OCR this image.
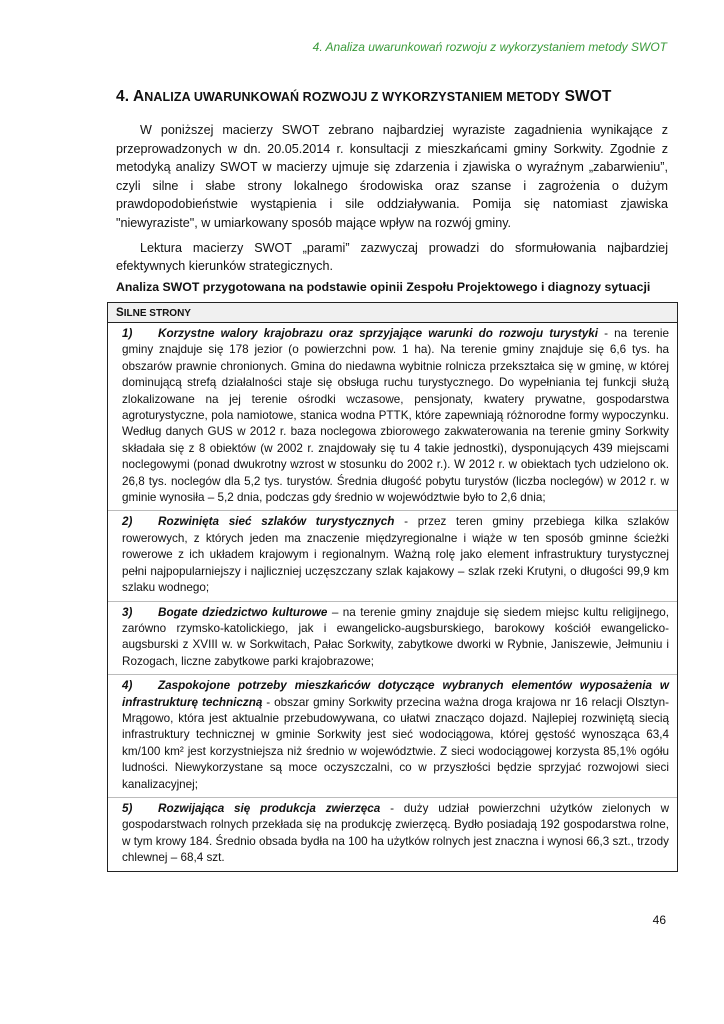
4. Analiza uwarunkowań rozwoju z wykorzystaniem metody SWOT
4. ANALIZA UWARUNKOWAŃ ROZWOJU Z WYKORZYSTANIEM METODY SWOT

W poniższej macierzy SWOT zebrano najbardziej wyraziste zagadnienia wynikające z przeprowadzonych w dn. 20.05.2014 r. konsultacji z mieszkańcami gminy Sorkwity. Zgodnie z metodyką analizy SWOT w macierzy ujmuje się zdarzenia i zjawiska o wyraźnym „zabarwieniu”, czyli silne i słabe strony lokalnego środowiska oraz szanse i zagrożenia o dużym prawdopodobieństwie wystąpienia i sile oddziaływania. Pomija się natomiast zjawiska "niewyraziste", w umiarkowany sposób mające wpływ na rozwój gminy.

Lektura macierzy SWOT „parami” zazwyczaj prowadzi do sformułowania najbardziej efektywnych kierunków strategicznych.

Analiza SWOT przygotowana na podstawie opinii Zespołu Projektowego i diagnozy sytuacji
SILNE STRONY
1) Korzystne walory krajobrazu oraz sprzyjające warunki do rozwoju turystyki - na terenie gminy znajduje się 178 jezior (o powierzchni pow. 1 ha). Na terenie gminy znajduje się 6,6 tys. ha obszarów prawnie chronionych. Gmina do niedawna wybitnie rolnicza przekształca się w gminę, w której dominującą strefą działalności staje się obsługa ruchu turystycznego. Do wypełniania tej funkcji służą zlokalizowane na jej terenie ośrodki wczasowe, pensjonaty, kwatery prywatne, gospodarstwa agroturystyczne, pola namiotowe, stanica wodna PTTK, które zapewniają różnorodne formy wypoczynku. Według danych GUS w 2012 r. baza noclegowa zbiorowego zakwaterowania na terenie gminy Sorkwity składała się z 8 obiektów (w 2002 r. znajdowały się tu 4 takie jednostki), dysponujących 439 miejscami noclegowymi (ponad dwukrotny wzrost w stosunku do 2002 r.). W 2012 r. w obiektach tych udzielono ok. 26,8 tys. noclegów dla 5,2 tys. turystów. Średnia długość pobytu turystów (liczba noclegów) w 2012 r. w gminie wynosiła – 5,2 dnia, podczas gdy średnio w województwie było to 2,6 dnia;
2) Rozwinięta sieć szlaków turystycznych - przez teren gminy przebiega kilka szlaków rowerowych, z których jeden ma znaczenie międzyregionalne i wiąże w ten sposób gminne ścieżki rowerowe z ich układem krajowym i regionalnym. Ważną rolę jako element infrastruktury turystycznej pełni najpopularniejszy i najliczniej uczęszczany szlak kajakowy – szlak rzeki Krutyni, o długości 99,9 km szlaku wodnego;
3) Bogate dziedzictwo kulturowe – na terenie gminy znajduje się siedem miejsc kultu religijnego, zarówno rzymsko-katolickiego, jak i ewangelicko-augsburskiego, barokowy kościół ewangelicko-augsburski z XVIII w. w Sorkwitach, Pałac Sorkwity, zabytkowe dworki w Rybnie, Janiszewie, Jełmuniu i Rozogach, liczne zabytkowe parki krajobrazowe;
4) Zaspokojone potrzeby mieszkańców dotyczące wybranych elementów wyposażenia w infrastrukturę techniczną - obszar gminy Sorkwity przecina ważna droga krajowa nr 16 relacji Olsztyn-Mrągowo, która jest aktualnie przebudowywana, co ułatwi znacząco dojazd. Najlepiej rozwiniętą siecią infrastruktury technicznej w gminie Sorkwity jest sieć wodociągowa, której gęstość wynosząca 63,4 km/100 km² jest korzystniejsza niż średnio w województwie. Z sieci wodociągowej korzysta 85,1% ogółu ludności. Niewykorzystane są moce oczyszczalni, co w przyszłości będzie sprzyjać rozwojowi sieci kanalizacyjnej;
5) Rozwijająca się produkcja zwierzęca - duży udział powierzchni użytków zielonych w gospodarstwach rolnych przekłada się na produkcję zwierzęcą. Bydło posiadają 192 gospodarstwa rolne, w tym krowy 184. Średnio obsada bydła na 100 ha użytków rolnych jest znaczna i wynosi 66,3 szt., trzody chlewnej – 68,4 szt.
46
